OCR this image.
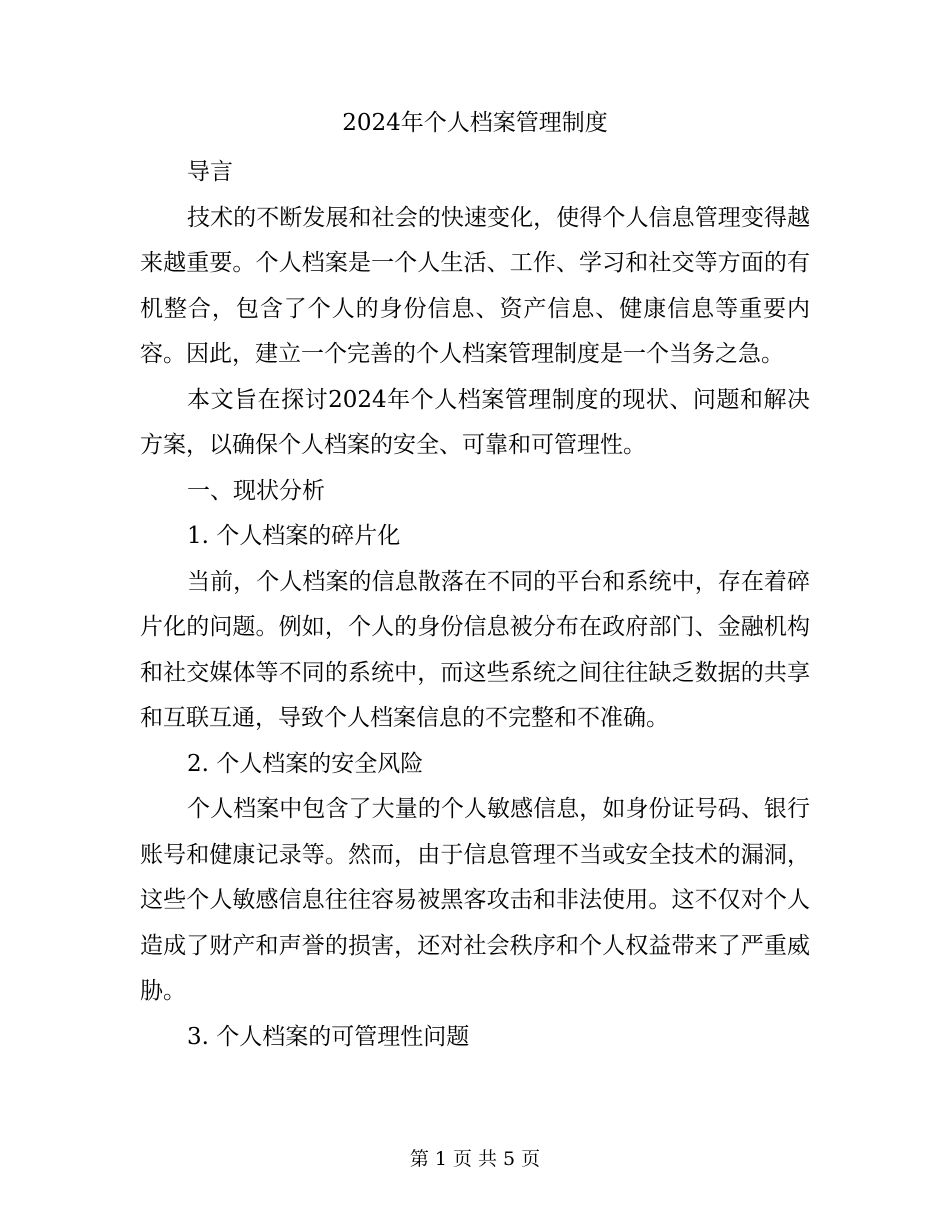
2024年个人档案管理制度

导言

技术的不断发展和社会的快速变化，使得个人信息管理变得越来越重要。个人档案是一个人生活、工作、学习和社交等方面的有机整合，包含了个人的身份信息、资产信息、健康信息等重要内容。因此，建立一个完善的个人档案管理制度是一个当务之急。

本文旨在探讨2024年个人档案管理制度的现状、问题和解决方案，以确保个人档案的安全、可靠和可管理性。

一、现状分析

1. 个人档案的碎片化

当前，个人档案的信息散落在不同的平台和系统中，存在着碎片化的问题。例如，个人的身份信息被分布在政府部门、金融机构和社交媒体等不同的系统中，而这些系统之间往往缺乏数据的共享和互联互通，导致个人档案信息的不完整和不准确。

2. 个人档案的安全风险

个人档案中包含了大量的个人敏感信息，如身份证号码、银行账号和健康记录等。然而，由于信息管理不当或安全技术的漏洞，这些个人敏感信息往往容易被黑客攻击和非法使用。这不仅对个人造成了财产和声誉的损害，还对社会秩序和个人权益带来了严重威胁。

3. 个人档案的可管理性问题

第 1 页 共 5 页
